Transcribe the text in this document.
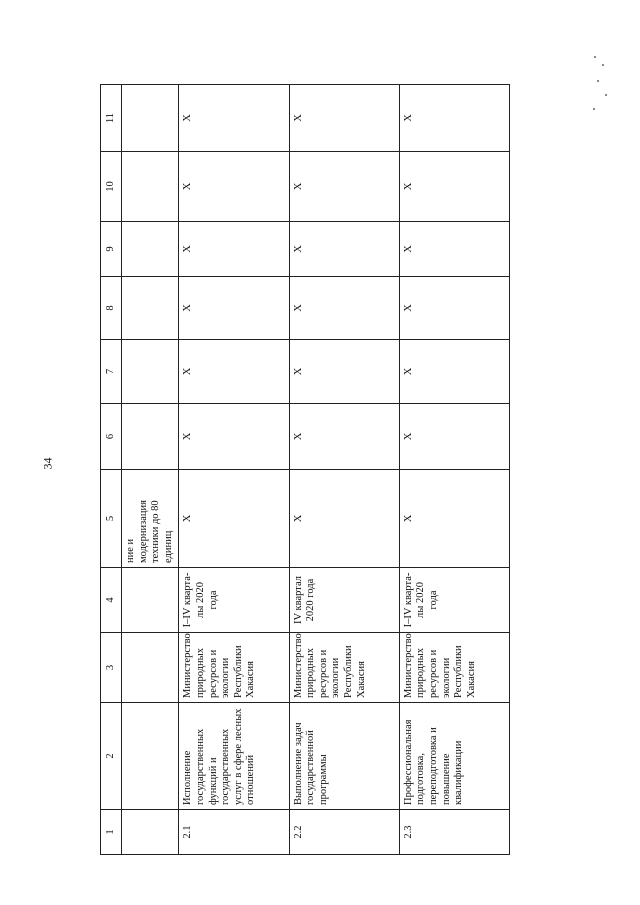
34
1	2	3	4	5	6	7	8	9	10	11
				ние и модернизация техники до 80 единиц						
2.1	Исполнение государственных функций и государственных услуг в сфере лесных отношений	Министерство природных ресурсов и экологии Республики Хакасия	I–IV кварта-лы 2020 года	X	X	X	X	X	X	X
2.2	Выполнение задач государственной программы	Министерство природных ресурсов и экологии Республики Хакасия	IV квартал 2020 года	X	X	X	X	X	X	X
2.3	Профессиональная подготовка, переподготовка и повышение квалификации	Министерство природных ресурсов и экологии Республики Хакасия	I–IV кварта-лы 2020 года	X	X	X	X	X	X	X
